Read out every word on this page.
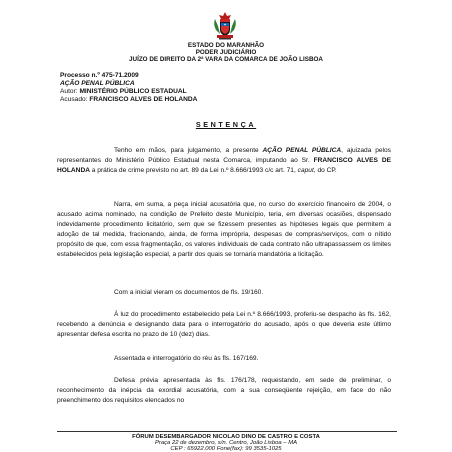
ESTADO DO MARANHÃO
PODER JUDICIÁRIO
JUÍZO DE DIREITO DA 2ª VARA DA COMARCA DE JOÃO LISBOA
Processo n.º 475-71.2009
AÇÃO PENAL PÚBLICA
Autor: MINISTÉRIO PÚBLICO ESTADUAL
Acusado: FRANCISCO ALVES DE HOLANDA
SENTENÇA

Tenho em mãos, para julgamento, a presente AÇÃO PENAL PÚBLICA, ajuizada pelos representantes do Ministério Público Estadual nesta Comarca, imputando ao Sr. FRANCISCO ALVES DE HOLANDA a prática de crime previsto no art. 89 da Lei n.º 8.666/1993 c/c art. 71, caput, do CP.

Narra, em suma, a peça inicial acusatória que, no curso do exercício financeiro de 2004, o acusado acima nominado, na condição de Prefeito deste Município, teria, em diversas ocasiões, dispensado indevidamente procedimento licitatório, sem que se fizessem presentes as hipóteses legais que permitem a adoção de tal medida, fracionando, ainda, de forma imprópria, despesas de compras/serviços, com o nítido propósito de que, com essa fragmentação, os valores individuais de cada contrato não ultrapassassem os limites estabelecidos pela legislação especial, a partir dos quais se tornaria mandatória a licitação.

Com a inicial vieram os documentos de fls. 19/160.

À luz do procedimento estabelecido pela Lei n.º 8.666/1993, proferiu-se despacho às fls. 162, recebendo a denúncia e designando data para o interrogatório do acusado, após o que deveria este último apresentar defesa escrita no prazo de 10 (dez) dias.

Assentada e interrogatório do réu às fls. 167/169.

Defesa prévia apresentada às fls. 176/178, requestando, em sede de preliminar, o reconhecimento da inépcia da exordial acusatória, com a sua conseqüente rejeição, em face do não preenchimento dos requisitos elencados no

FÓRUM DESEMBARGADOR NICOLAO DINO DE CASTRO E COSTA
Praça 22 de dezembro, s/n. Centro, João Lisboa – MA
CEP : 65922.000 Fone(fax): 99 3535-1025
